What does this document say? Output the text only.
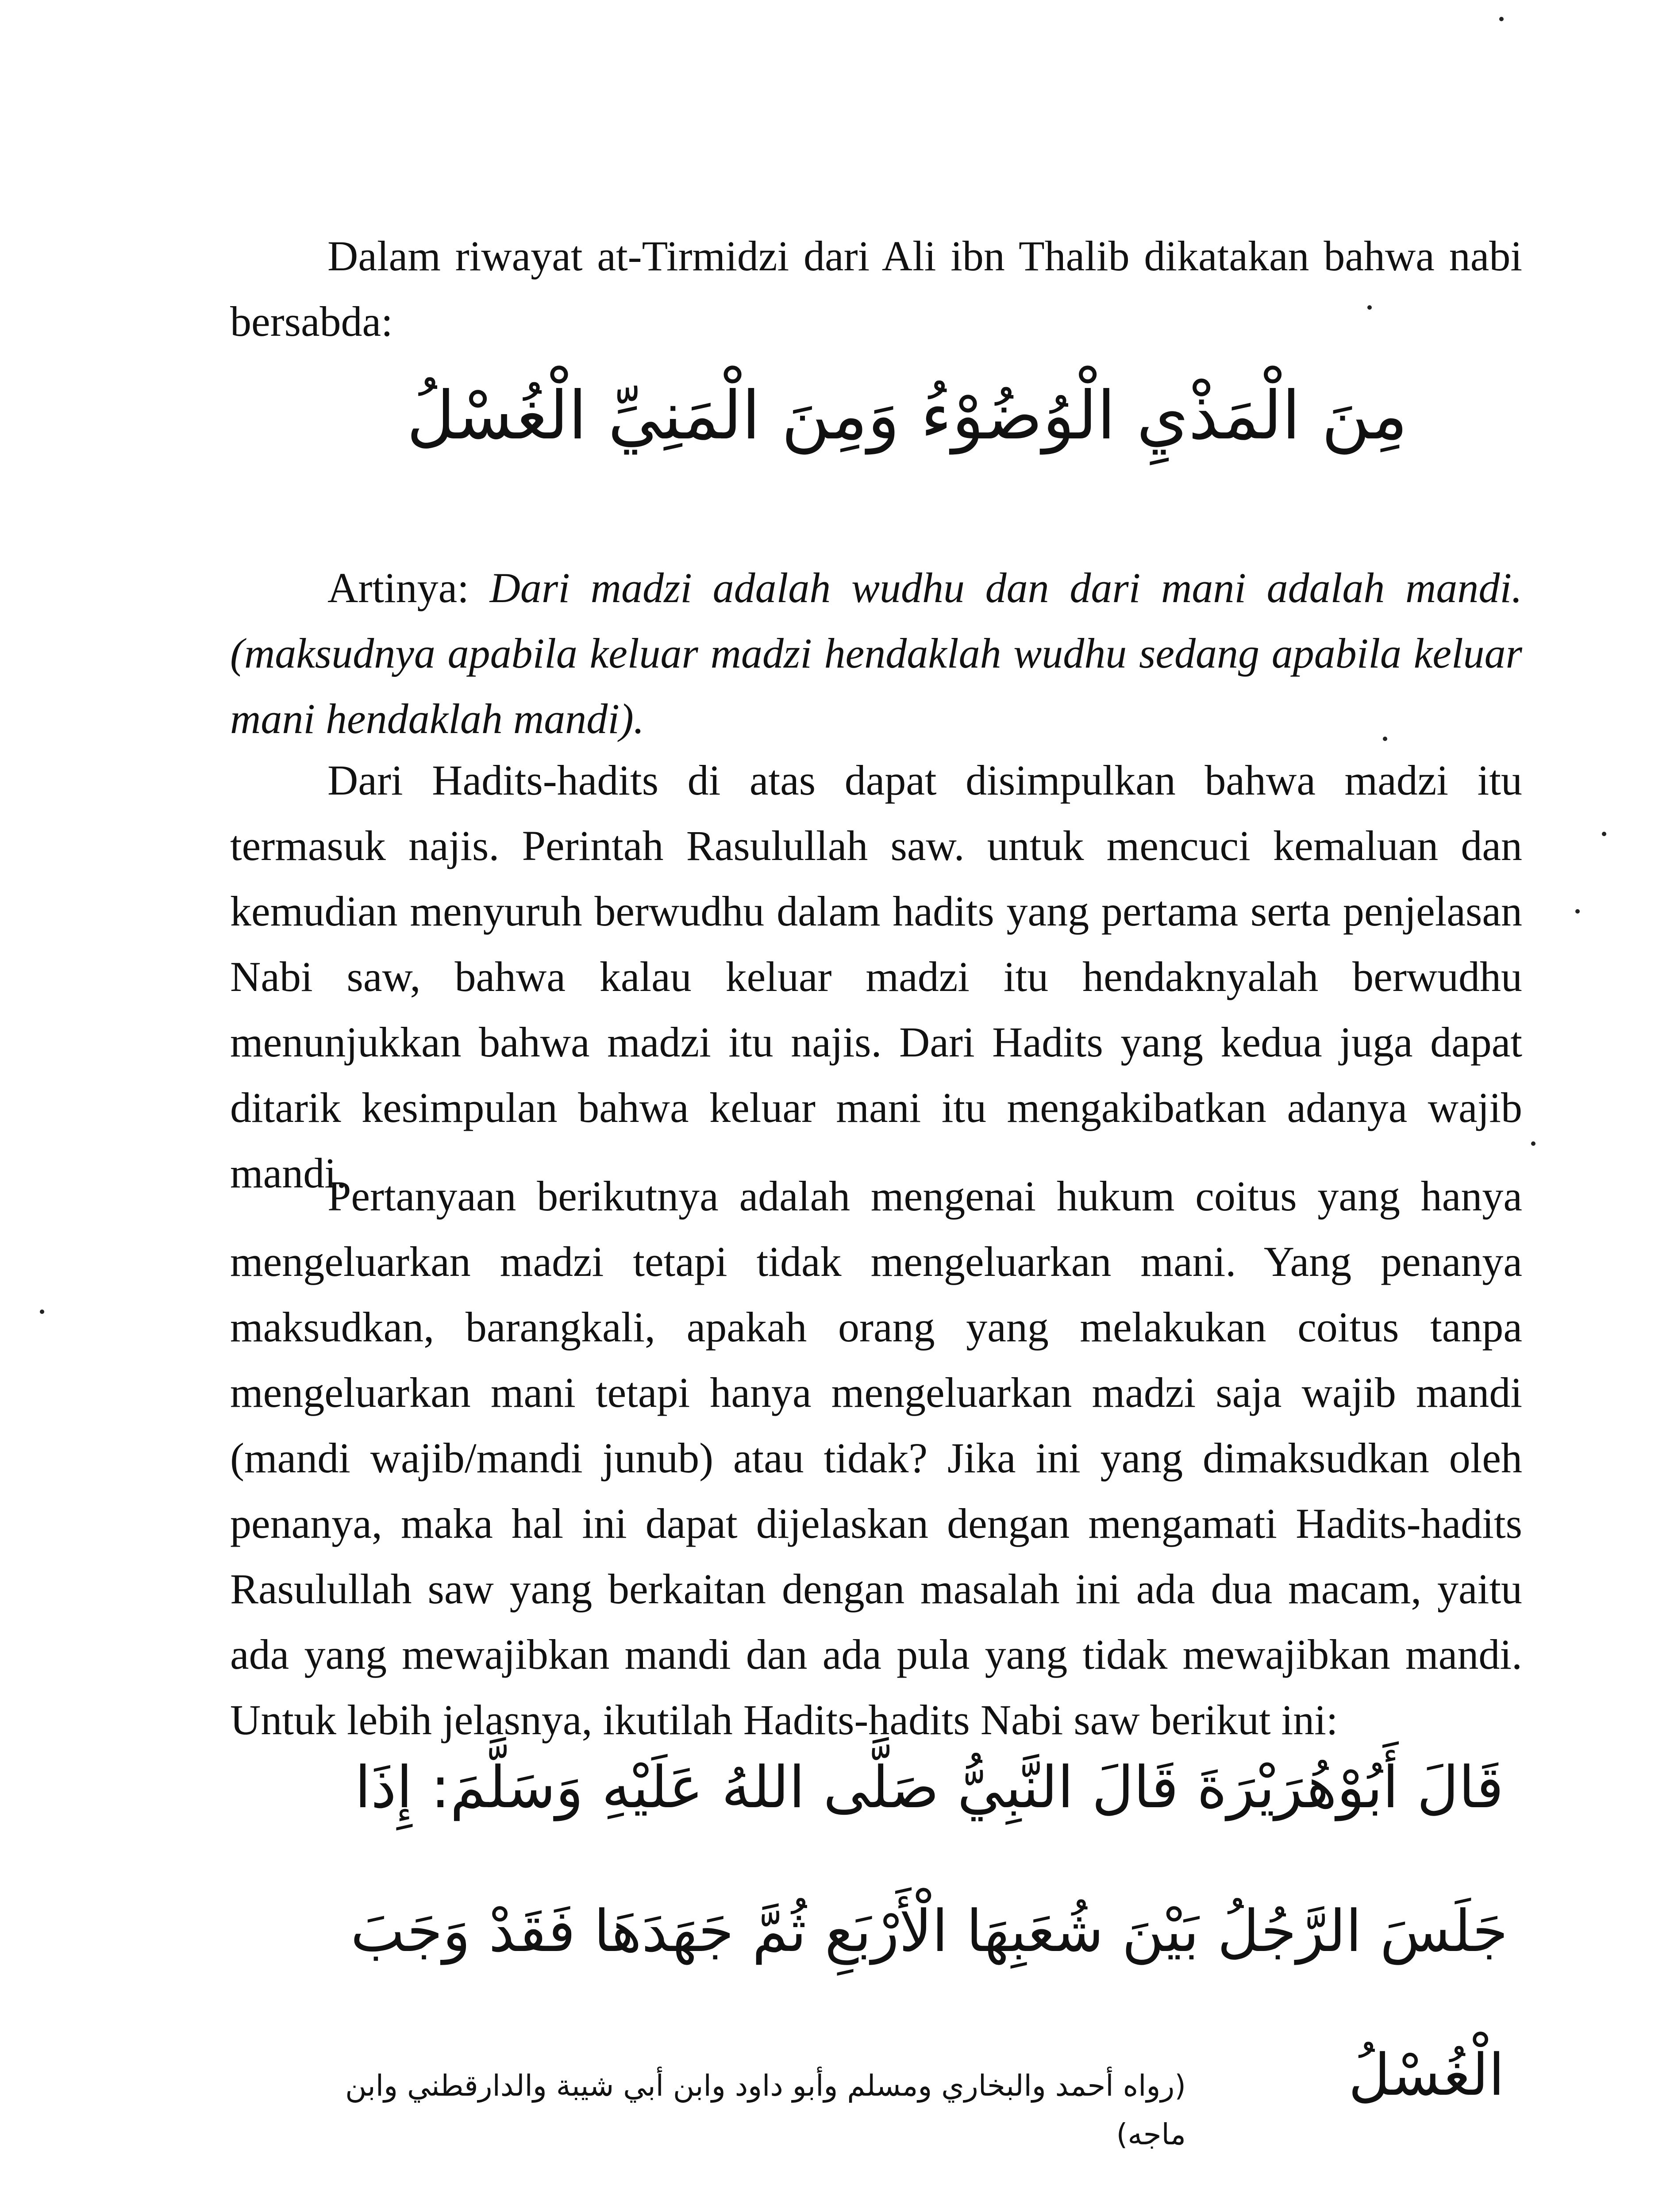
Dalam riwayat at-Tirmidzi dari Ali ibn Thalib dikatakan bahwa nabi bersabda:

مِنَ الْمَذْيِ الْوُضُوْءُ وَمِنَ الْمَنِيِّ الْغُسْلُ

Artinya: Dari madzi adalah wudhu dan dari mani adalah mandi. (maksudnya apabila keluar madzi hendaklah wudhu sedang apabila keluar mani hendaklah mandi).

Dari Hadits-hadits di atas dapat disimpulkan bahwa madzi itu termasuk najis. Perintah Rasulullah saw. untuk mencuci kemaluan dan kemudian menyuruh berwudhu dalam hadits yang pertama serta penjelasan Nabi saw, bahwa kalau keluar madzi itu hendaknyalah berwudhu menunjukkan bahwa madzi itu najis. Dari Hadits yang kedua juga dapat ditarik kesimpulan bahwa keluar mani itu mengakibatkan adanya wajib mandi.

Pertanyaan berikutnya adalah mengenai hukum coitus yang hanya mengeluarkan madzi tetapi tidak mengeluarkan mani. Yang penanya maksudkan, barangkali, apakah orang yang melakukan coitus tanpa mengeluarkan mani tetapi hanya mengeluarkan madzi saja wajib mandi (mandi wajib/mandi junub) atau tidak? Jika ini yang dimaksudkan oleh penanya, maka hal ini dapat dijelaskan dengan mengamati Hadits-hadits Rasulullah saw yang berkaitan dengan masalah ini ada dua macam, yaitu ada yang mewajibkan mandi dan ada pula yang tidak mewajibkan mandi. Untuk lebih jelasnya, ikutilah Hadits-hadits Nabi saw berikut ini:

قَالَ أَبُوْهُرَيْرَةَ قَالَ النَّبِيُّ صَلَّى اللهُ عَلَيْهِ وَسَلَّمَ: إِذَا

جَلَسَ الرَّجُلُ بَيْنَ شُعَبِهَا الْأَرْبَعِ ثُمَّ جَهَدَهَا فَقَدْ وَجَبَ

الْغُسْلُ

(رواه أحمد والبخاري ومسلم وأبو داود وابن أبي شيبة والدارقطني وابن ماجه)
